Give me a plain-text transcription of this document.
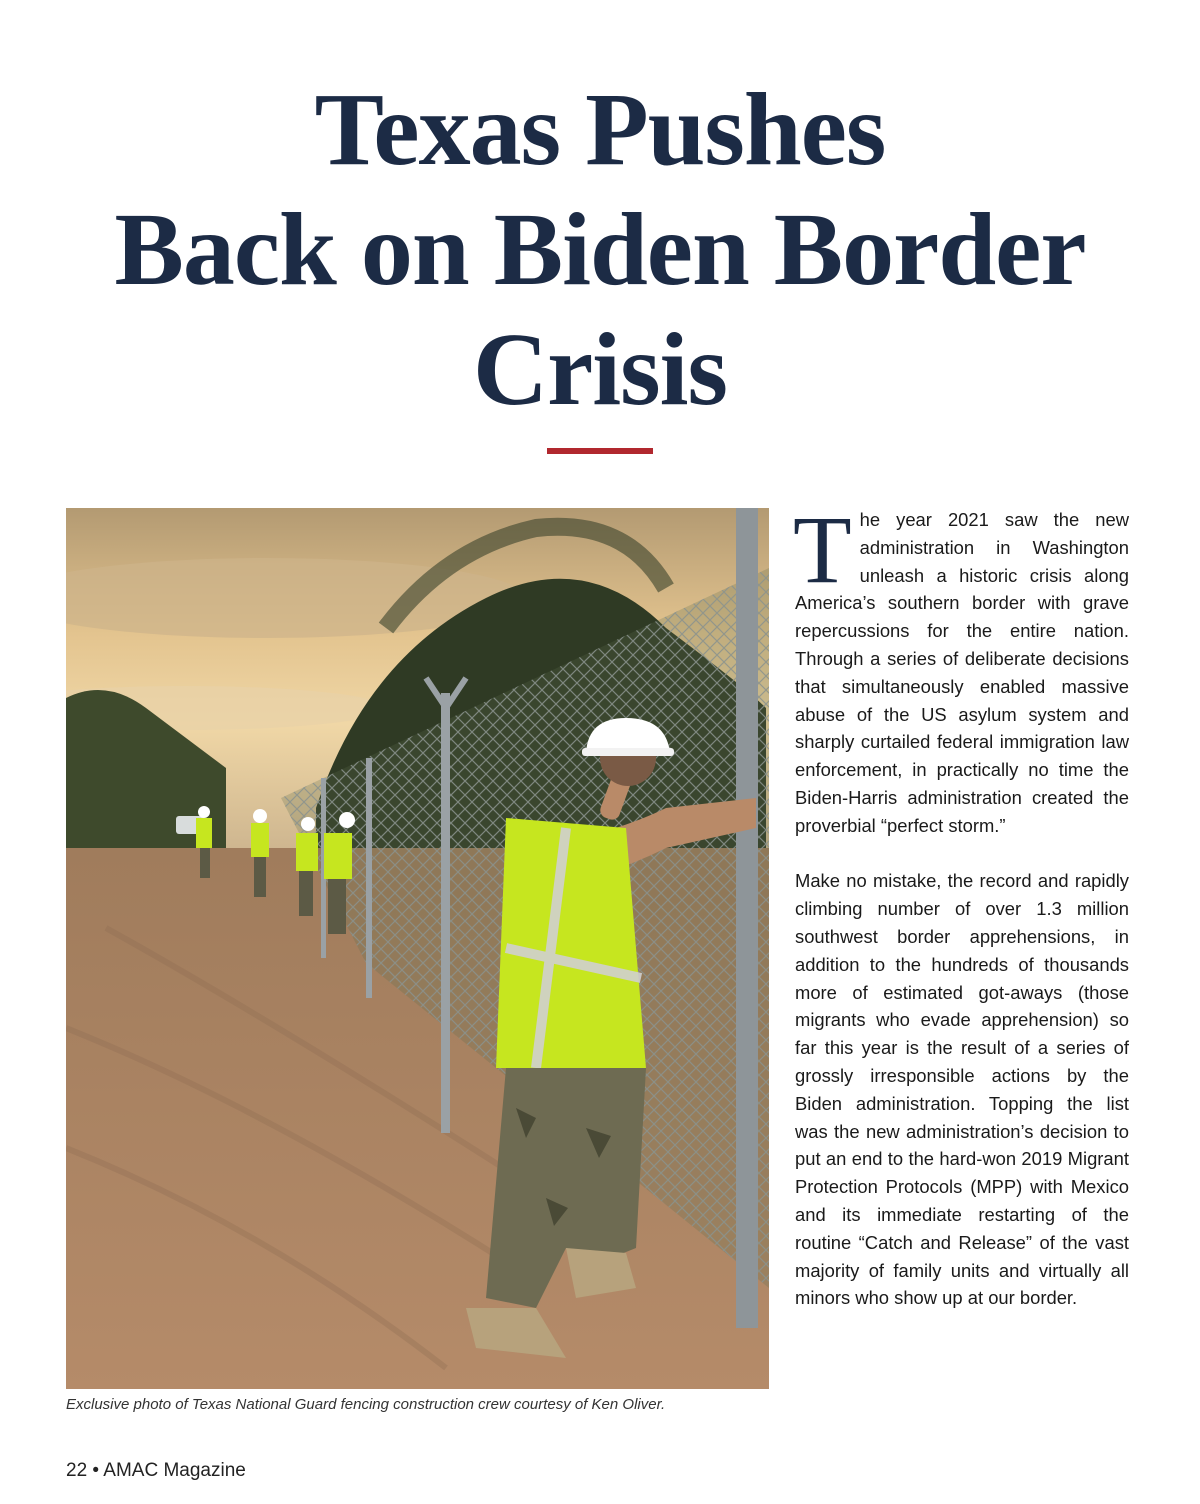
Texas Pushes
Back on Biden Border
Crisis
Exclusive photo of Texas National Guard fencing construction crew courtesy of Ken Oliver.

The year 2021 saw the new administration in Washington unleash a historic crisis along America’s southern border with grave repercussions for the entire nation. Through a series of deliberate decisions that simultaneously enabled massive abuse of the US asylum system and sharply curtailed federal immigration law enforcement, in practically no time the Biden-Harris administration created the proverbial “perfect storm.”

Make no mistake, the record and rapidly climbing number of over 1.3 million southwest border apprehensions, in addition to the hundreds of thousands more of estimated got-aways (those migrants who evade apprehension) so far this year is the result of a series of grossly irresponsible actions by the Biden administration. Topping the list was the new administration’s decision to put an end to the hard-won 2019 Migrant Protection Protocols (MPP) with Mexico and its immediate restarting of the routine “Catch and Release” of the vast majority of family units and virtually all minors who show up at our border.

22 • AMAC Magazine
